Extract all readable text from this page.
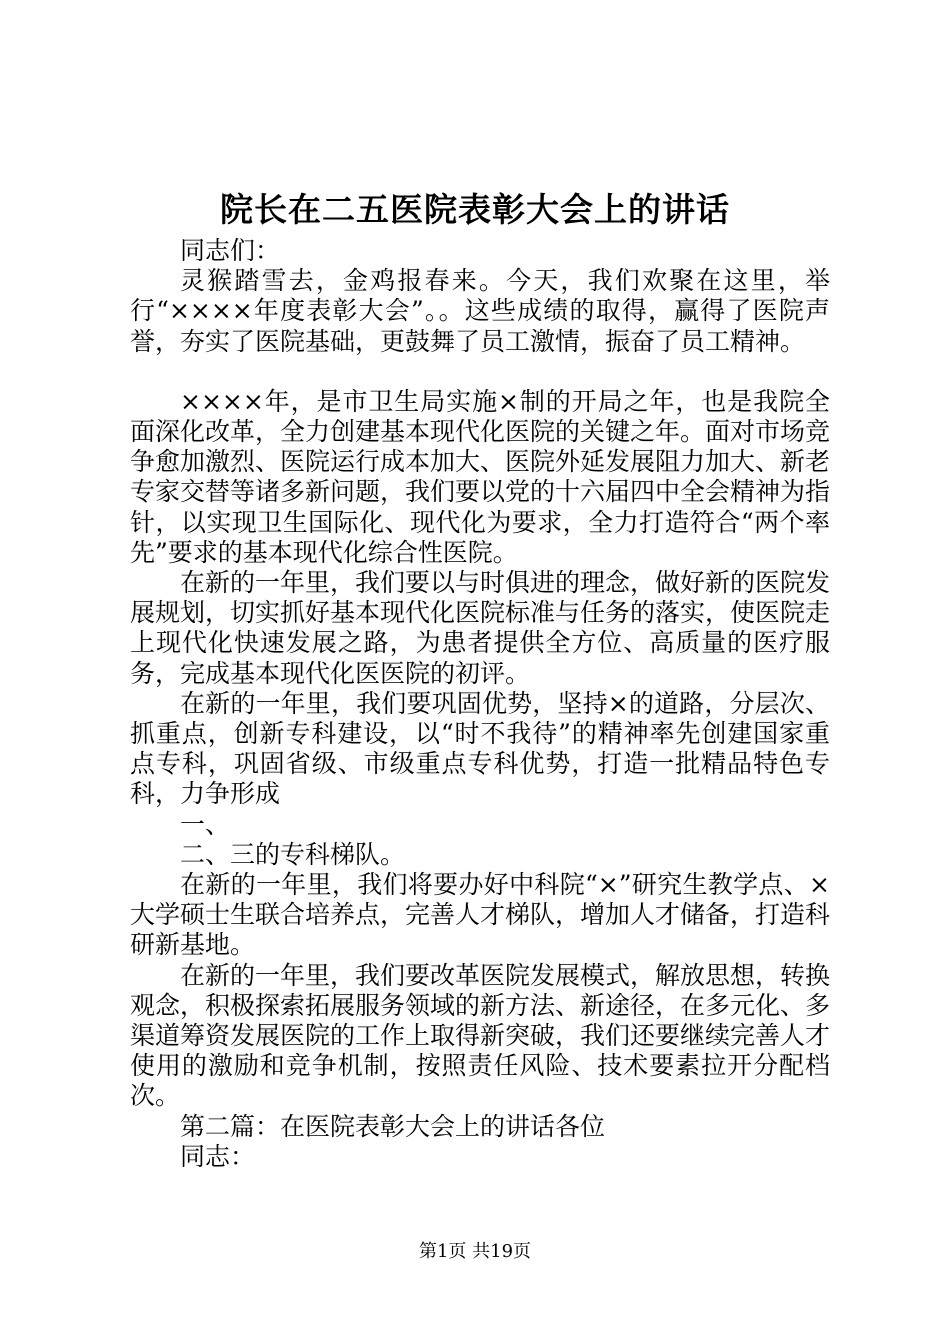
院长在二五医院表彰大会上的讲话

同志们：

灵猴踏雪去，金鸡报春来。今天，我们欢聚在这里，举行“××××年度表彰大会”。。这些成绩的取得，赢得了医院声誉，夯实了医院基础，更鼓舞了员工激情，振奋了员工精神。

××××年，是市卫生局实施×制的开局之年，也是我院全面深化改革，全力创建基本现代化医院的关键之年。面对市场竞争愈加激烈、医院运行成本加大、医院外延发展阻力加大、新老专家交替等诸多新问题，我们要以党的十六届四中全会精神为指针，以实现卫生国际化、现代化为要求，全力打造符合“两个率先”要求的基本现代化综合性医院。

在新的一年里，我们要以与时俱进的理念，做好新的医院发展规划，切实抓好基本现代化医院标准与任务的落实，使医院走上现代化快速发展之路，为患者提供全方位、高质量的医疗服务，完成基本现代化医医院的初评。

在新的一年里，我们要巩固优势，坚持×的道路，分层次、抓重点，创新专科建设，以“时不我待”的精神率先创建国家重点专科，巩固省级、市级重点专科优势，打造一批精品特色专科，力争形成

一、

二、三的专科梯队。

在新的一年里，我们将要办好中科院“×”研究生教学点、×大学硕士生联合培养点，完善人才梯队，增加人才储备，打造科研新基地。

在新的一年里，我们要改革医院发展模式，解放思想，转换观念，积极探索拓展服务领域的新方法、新途径，在多元化、多渠道筹资发展医院的工作上取得新突破，我们还要继续完善人才使用的激励和竞争机制，按照责任风险、技术要素拉开分配档次。

第二篇：在医院表彰大会上的讲话各位

同志：

第1页 共19页
